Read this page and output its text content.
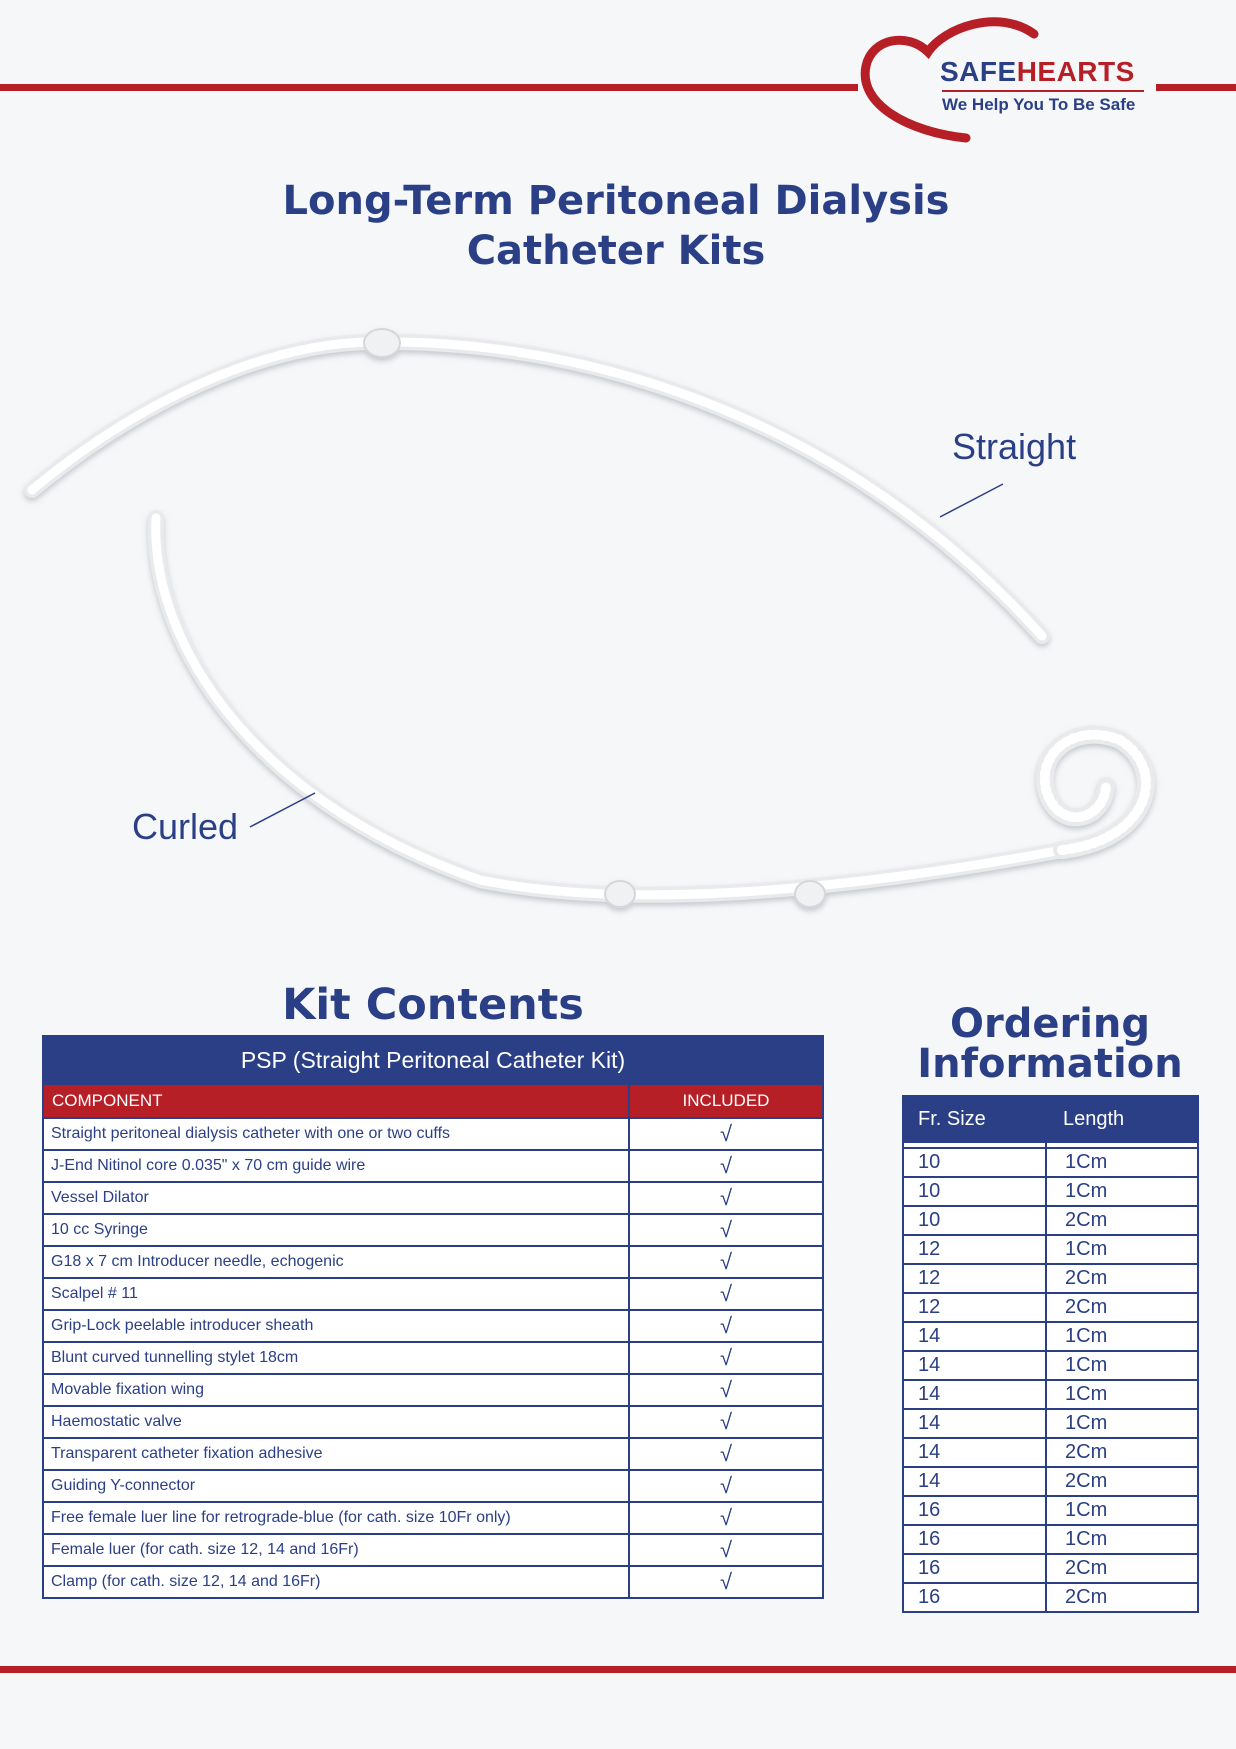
SAFEHEARTS
We Help You To Be Safe
Long-Term Peritoneal Dialysis
Catheter Kits
Straight
Curled
Kit Contents
PSP (Straight Peritoneal Catheter Kit)	
COMPONENT	INCLUDED
Straight peritoneal dialysis catheter with one or two cuffs	√
J-End Nitinol core 0.035" x 70 cm guide wire	√
Vessel Dilator	√
10 cc Syringe	√
G18 x 7 cm Introducer needle, echogenic	√
Scalpel # 11	√
Grip-Lock peelable introducer sheath	√
Blunt curved tunnelling stylet 18cm	√
Movable fixation wing	√
Haemostatic valve	√
Transparent catheter fixation adhesive	√
Guiding Y-connector	√
Free female luer line for retrograde-blue (for cath. size 10Fr only)	√
Female luer (for cath. size 12, 14 and 16Fr)	√
Clamp (for cath. size 12, 14 and 16Fr)	√
Ordering
Information
Fr. Size	Length

10	1Cm
10	1Cm
10	2Cm
12	1Cm
12	2Cm
12	2Cm
14	1Cm
14	1Cm
14	1Cm
14	1Cm
14	2Cm
14	2Cm
16	1Cm
16	1Cm
16	2Cm
16	2Cm
